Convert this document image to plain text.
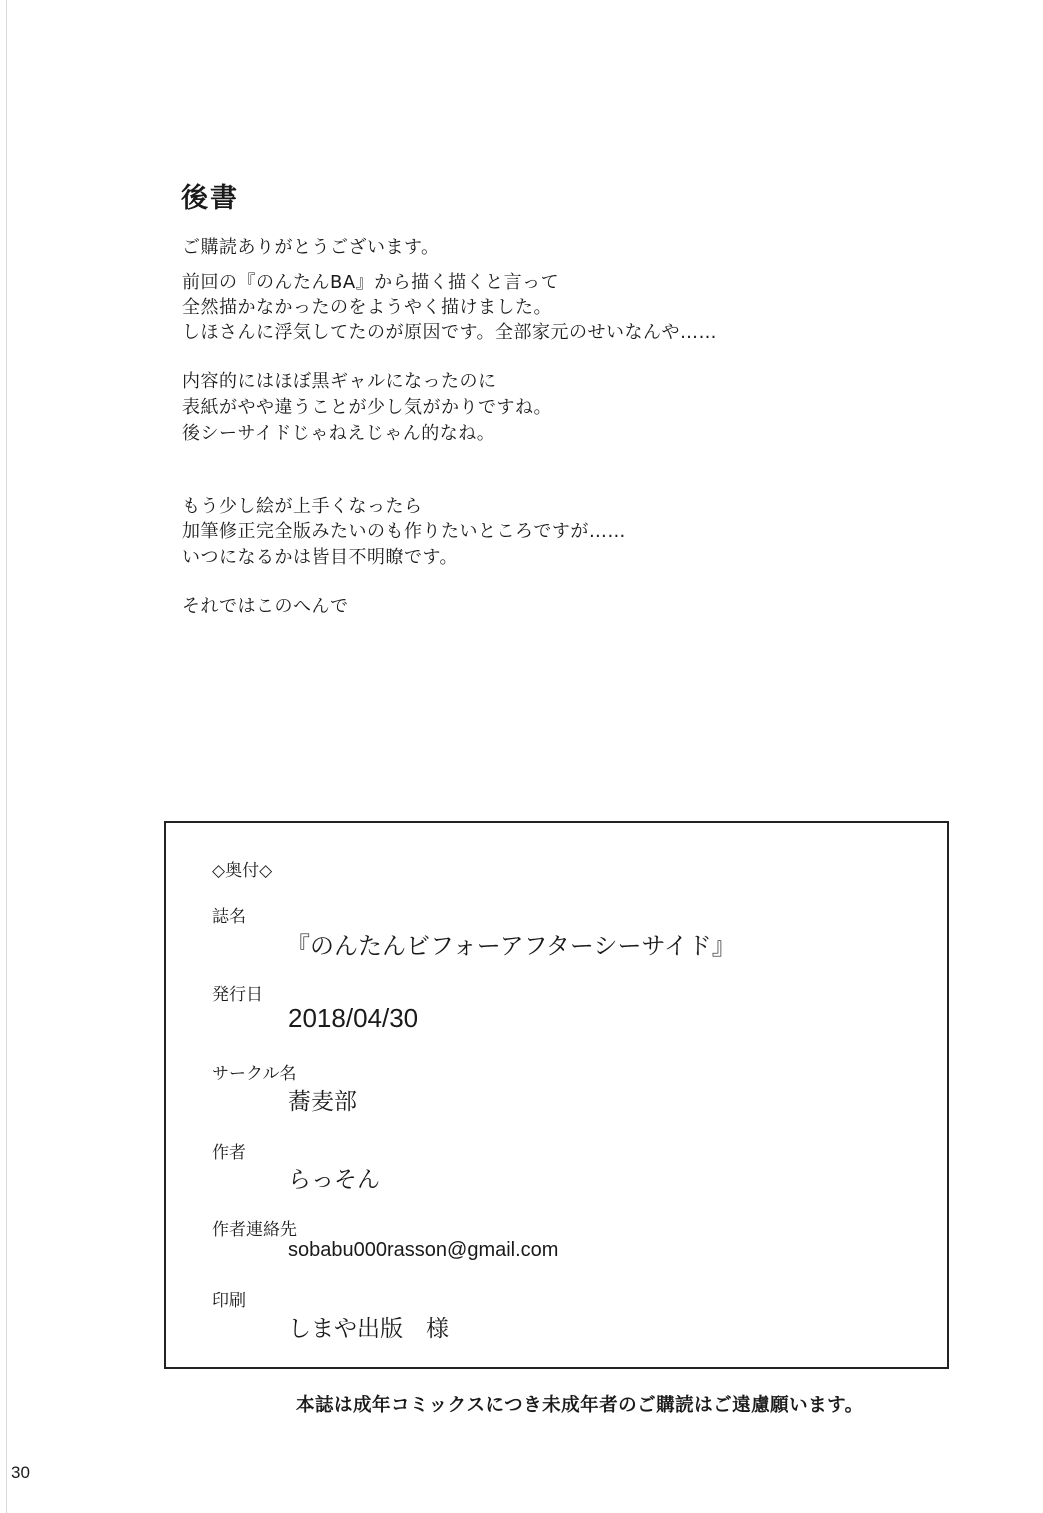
後書
ご購読ありがとうございます。
前回の『のんたんBA』から描く描くと言って
全然描かなかったのをようやく描けました。
しほさんに浮気してたのが原因です。全部家元のせいなんや……
内容的にはほぼ黒ギャルになったのに
表紙がやや違うことが少し気がかりですね。
後シーサイドじゃねえじゃん的なね。
もう少し絵が上手くなったら
加筆修正完全版みたいのも作りたいところですが……
いつになるかは皆目不明瞭です。
それではこのへんで
◇奥付◇
誌名
『のんたんビフォーアフターシーサイド』
発行日
2018/04/30
サークル名
蕎麦部
作者
らっそん
作者連絡先
sobabu000rasson@gmail.com
印刷
しまや出版　様
本誌は成年コミックスにつき未成年者のご購読はご遠慮願います。
30
